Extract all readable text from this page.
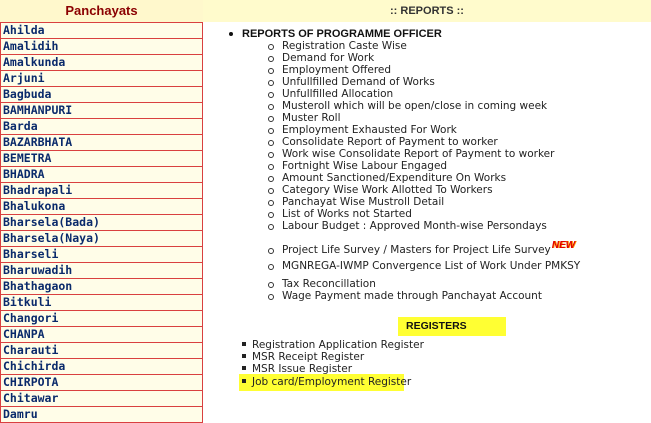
Panchayats
Ahilda
Amalidih
Amalkunda
Arjuni
Bagbuda
BAMHANPURI
Barda
BAZARBHATA
BEMETRA
BHADRA
Bhadrapali
Bhalukona
Bharsela(Bada)
Bharsela(Naya)
Bharseli
Bharuwadih
Bhathagaon
Bitkuli
Changori
CHANPA
Charauti
Chichirda
CHIRPOTA
Chitawar
Damru
:: REPORTS ::
REPORTS OF PROGRAMME OFFICER
Registration Caste Wise
Demand for Work
Employment Offered
Unfullfilled Demand of Works
Unfullfilled Allocation
Musteroll which will be open/close in coming week
Muster Roll
Employment Exhausted For Work
Consolidate Report of Payment to worker
Work wise Consolidate Report of Payment to worker
Fortnight Wise Labour Engaged
Amount Sanctioned/Expenditure On Works
Category Wise Work Allotted To Workers
Panchayat Wise Mustroll Detail
List of Works not Started
Labour Budget : Approved Month-wise Persondays
Project Life Survey / Masters for Project Life SurveyNEW
MGNREGA-IWMP Convergence List of Work Under PMKSY
Tax Reconcillation
Wage Payment made through Panchayat Account
REGISTERS
Registration Application Register
MSR Receipt Register
MSR Issue Register
Job card/Employment Register
